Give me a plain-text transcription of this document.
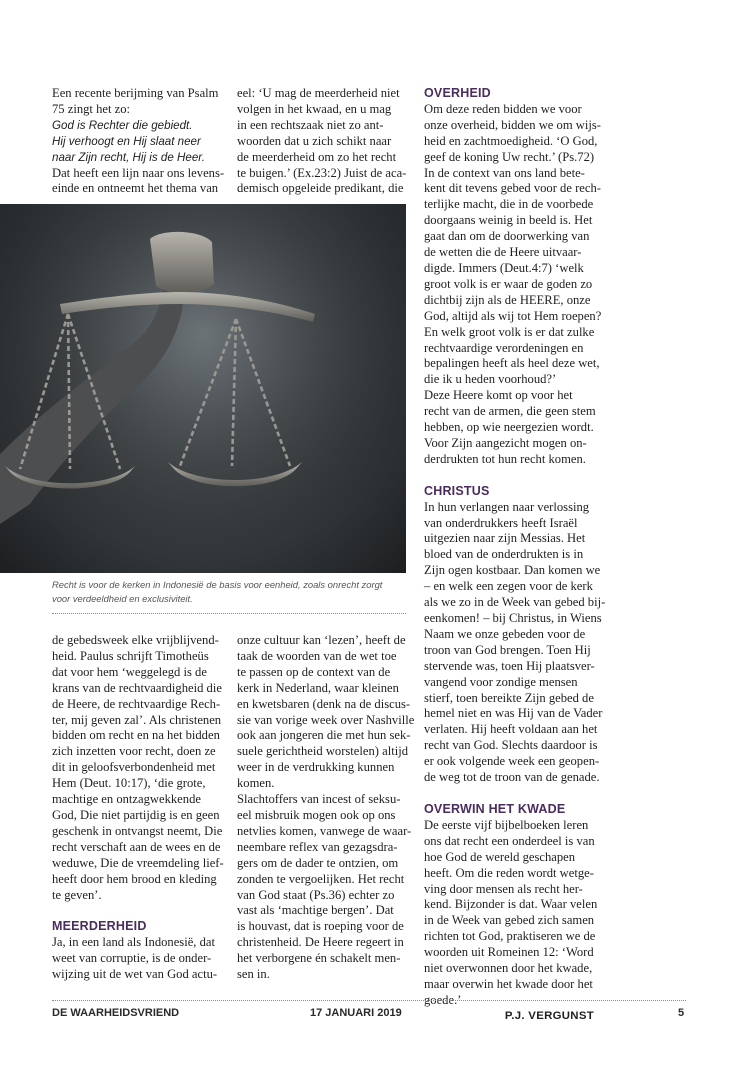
Een recente berijming van Psalm
75 zingt het zo:
God is Rechter die gebiedt.
Hij verhoogt en Hij slaat neer
naar Zijn recht, Hij is de Heer.
Dat heeft een lijn naar ons levens-
einde en ontneemt het thema van
eel: ‘U mag de meerderheid niet
volgen in het kwaad, en u mag
in een rechtszaak niet zo ant-
woorden dat u zich schikt naar
de meerderheid om zo het recht
te buigen.’ (Ex.23:2) Juist de aca-
demisch opgeleide predikant, die
Recht is voor de kerken in Indonesië de basis voor eenheid, zoals onrecht zorgt voor verdeeldheid en exclusiviteit.
de gebedsweek elke vrijblijvend-
heid. Paulus schrijft Timotheüs
dat voor hem ‘weggelegd is de
krans van de rechtvaardigheid die
de Heere, de rechtvaardige Rech-
ter, mij geven zal’. Als christenen
bidden om recht en na het bidden
zich inzetten voor recht, doen ze
dit in geloofsverbondenheid met
Hem (Deut. 10:17), ‘die grote,
machtige en ontzagwekkende
God, Die niet partijdig is en geen
geschenk in ontvangst neemt, Die
recht verschaft aan de wees en de
weduwe, Die de vreemdeling lief-
heeft door hem brood en kleding
te geven’.

MEERDERHEID

Ja, in een land als Indonesië, dat
weet van corruptie, is de onder-
wijzing uit de wet van God actu-
onze cultuur kan ‘lezen’, heeft de
taak de woorden van de wet toe
te passen op de context van de
kerk in Nederland, waar kleinen
en kwetsbaren (denk na de discus-
sie van vorige week over Nashville
ook aan jongeren die met hun sek-
suele gerichtheid worstelen) altijd
weer in de verdrukking kunnen
komen.
Slachtoffers van incest of seksu-
eel misbruik mogen ook op ons
netvlies komen, vanwege de waar-
neembare reflex van gezagsdra-
gers om de dader te ontzien, om
zonden te vergoelijken. Het recht
van God staat (Ps.36) echter zo
vast als ‘machtige bergen’. Dat
is houvast, dat is roeping voor de
christenheid. De Heere regeert in
het verborgene én schakelt men-
sen in.

OVERHEID

Om deze reden bidden we voor
onze overheid, bidden we om wijs-
heid en zachtmoedigheid. ‘O God,
geef de koning Uw recht.’ (Ps.72)
In de context van ons land bete-
kent dit tevens gebed voor de rech-
terlijke macht, die in de voorbede
doorgaans weinig in beeld is. Het
gaat dan om de doorwerking van
de wetten die de Heere uitvaar-
digde. Immers (Deut.4:7) ‘welk
groot volk is er waar de goden zo
dichtbij zijn als de HEERE, onze
God, altijd als wij tot Hem roepen?
En welk groot volk is er dat zulke
rechtvaardige verordeningen en
bepalingen heeft als heel deze wet,
die ik u heden voorhoud?’
Deze Heere komt op voor het
recht van de armen, die geen stem
hebben, op wie neergezien wordt.
Voor Zijn aangezicht mogen on-
derdrukten tot hun recht komen.

CHRISTUS

In hun verlangen naar verlossing
van onderdrukkers heeft Israël
uitgezien naar zijn Messias. Het
bloed van de onderdrukten is in
Zijn ogen kostbaar. Dan komen we
– en welk een zegen voor de kerk
als we zo in de Week van gebed bij-
eenkomen! – bij Christus, in Wiens
Naam we onze gebeden voor de
troon van God brengen. Toen Hij
stervende was, toen Hij plaatsver-
vangend voor zondige mensen
stierf, toen bereikte Zijn gebed de
hemel niet en was Hij van de Vader
verlaten. Hij heeft voldaan aan het
recht van God. Slechts daardoor is
er ook volgende week een geopen-
de weg tot de troon van de genade.

OVERWIN HET KWADE

De eerste vijf bijbelboeken leren
ons dat recht een onderdeel is van
hoe God de wereld geschapen
heeft. Om die reden wordt wetge-
ving door mensen als recht her-
kend. Bijzonder is dat. Waar velen
in de Week van gebed zich samen
richten tot God, praktiseren we de
woorden uit Romeinen 12: ‘Word
niet overwonnen door het kwade,
maar overwin het kwade door het
goede.’

P.J. VERGUNST

DE WAARHEIDSVRIEND	17 JANUARI 2019	5
